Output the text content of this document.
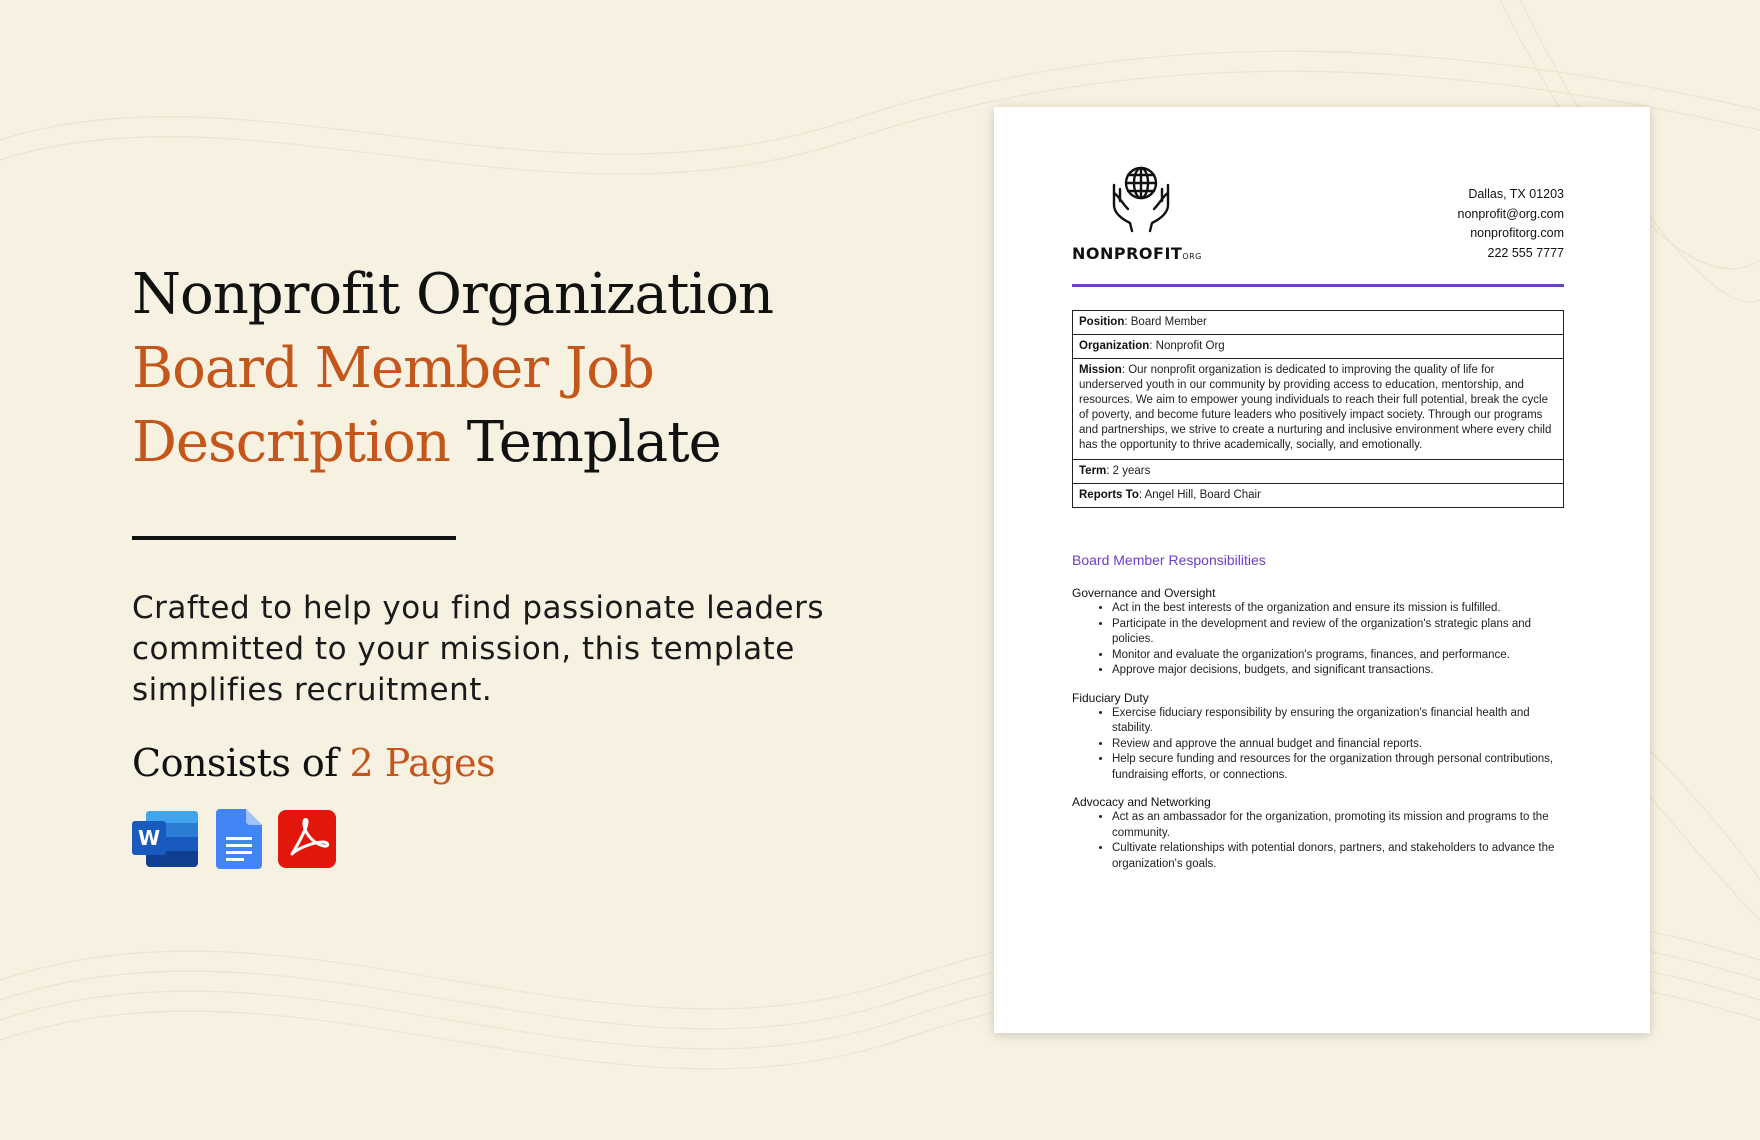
Nonprofit Organization
Board Member Job Description Template
Crafted to help you find passionate leaders committed to your mission, this template simplifies recruitment.
Consists of 2 Pages
W
NONPROFITORG
Dallas, TX 01203
nonprofit@org.com
nonprofitorg.com
222 555 7777
Position: Board Member
Organization: Nonprofit Org
Mission: Our nonprofit organization is dedicated to improving the quality of life for underserved youth in our community by providing access to education, mentorship, and resources. We aim to empower young individuals to reach their full potential, break the cycle of poverty, and become future leaders who positively impact society. Through our programs and partnerships, we strive to create a nurturing and inclusive environment where every child has the opportunity to thrive academically, socially, and emotionally.
Term: 2 years
Reports To: Angel Hill, Board Chair
Board Member Responsibilities

Governance and Oversight

• Act in the best interests of the organization and ensure its mission is fulfilled.
• Participate in the development and review of the organization's strategic plans and policies.
• Monitor and evaluate the organization's programs, finances, and performance.
• Approve major decisions, budgets, and significant transactions.

Fiduciary Duty

• Exercise fiduciary responsibility by ensuring the organization's financial health and stability.
• Review and approve the annual budget and financial reports.
• Help secure funding and resources for the organization through personal contributions, fundraising efforts, or connections.

Advocacy and Networking

• Act as an ambassador for the organization, promoting its mission and programs to the community.
• Cultivate relationships with potential donors, partners, and stakeholders to advance the organization's goals.
